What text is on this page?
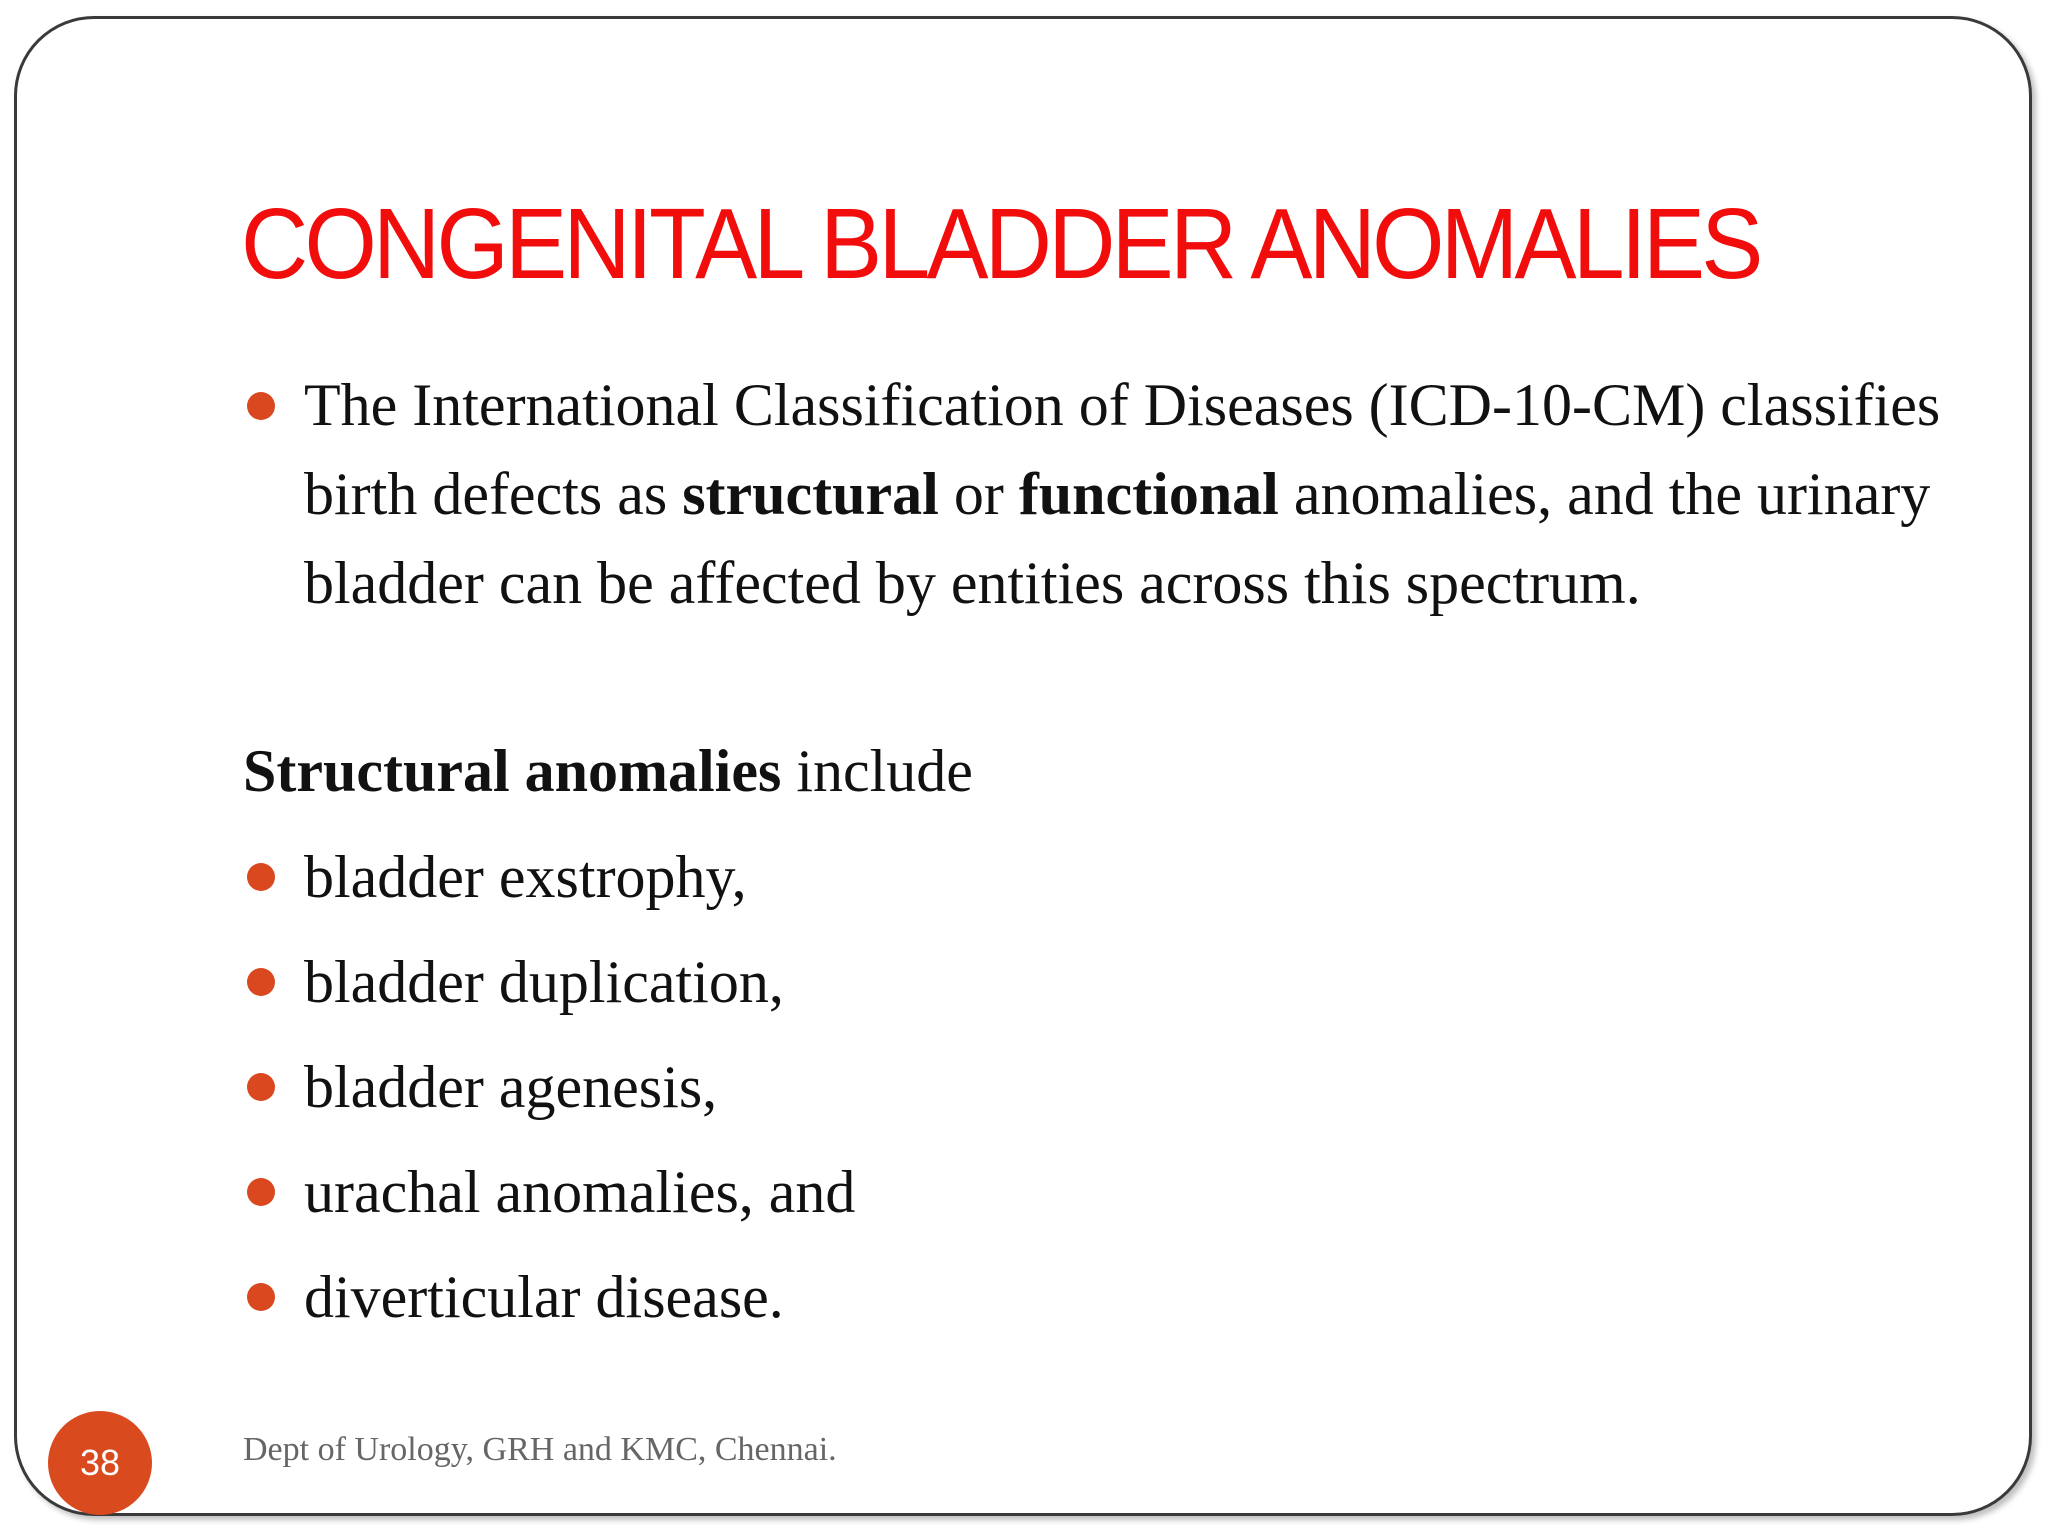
CONGENITAL BLADDER ANOMALIES
The International Classification of Diseases (ICD-10-CM) classifies birth defects as structural or functional anomalies, and the urinary bladder can be affected by entities across this spectrum.
Structural anomalies include
bladder exstrophy,
bladder duplication,
bladder agenesis,
urachal anomalies, and
diverticular disease.
Dept of Urology, GRH and KMC, Chennai.
38
